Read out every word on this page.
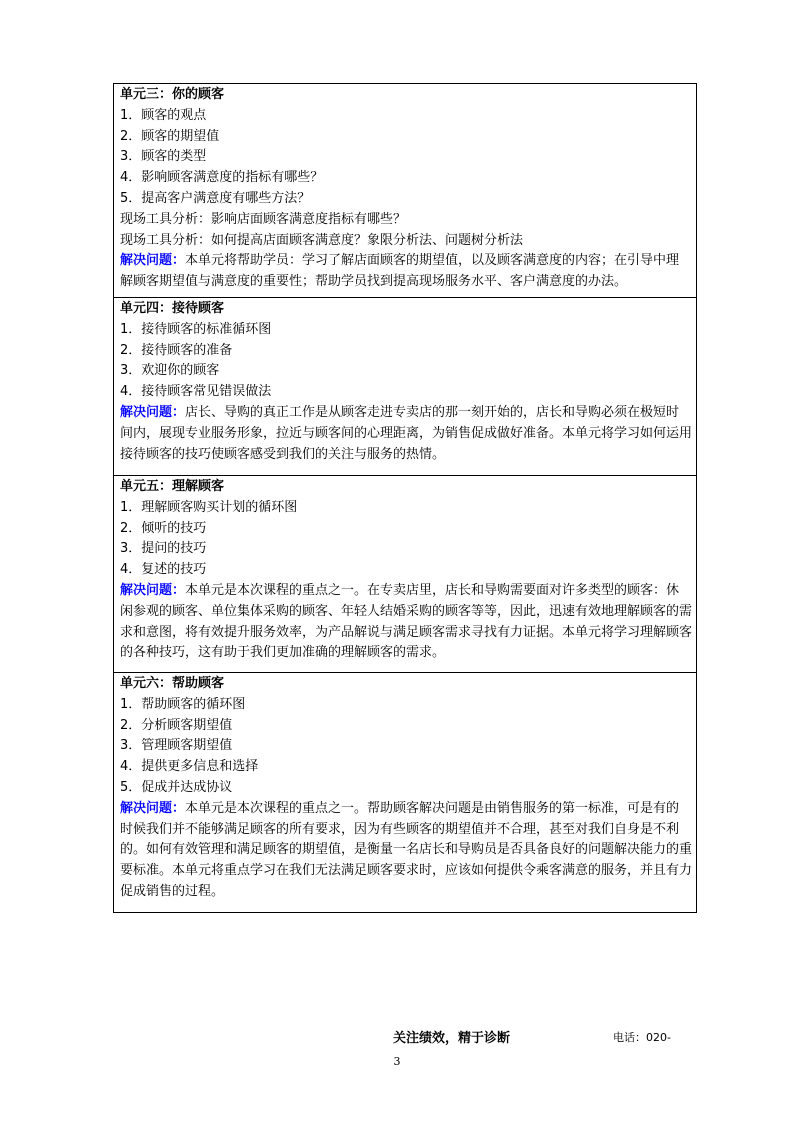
单元三：你的顾客
1．顾客的观点
2．顾客的期望值
3．顾客的类型
4．影响顾客满意度的指标有哪些？
5．提高客户满意度有哪些方法？
现场工具分析：影响店面顾客满意度指标有哪些？
现场工具分析：如何提高店面顾客满意度？象限分析法、问题树分析法
解决问题：本单元将帮助学员：学习了解店面顾客的期望值，以及顾客满意度的内容；在引导中理解顾客期望值与满意度的重要性；帮助学员找到提高现场服务水平、客户满意度的办法。

单元四：接待顾客
1．接待顾客的标准循环图
2．接待顾客的准备
3．欢迎你的顾客
4．接待顾客常见错误做法
解决问题：店长、导购的真正工作是从顾客走进专卖店的那一刻开始的，店长和导购必须在极短时间内，展现专业服务形象，拉近与顾客间的心理距离，为销售促成做好准备。本单元将学习如何运用接待顾客的技巧使顾客感受到我们的关注与服务的热情。

单元五：理解顾客
1．理解顾客购买计划的循环图
2．倾听的技巧
3．提问的技巧
4．复述的技巧
解决问题：本单元是本次课程的重点之一。在专卖店里，店长和导购需要面对许多类型的顾客：休闲参观的顾客、单位集体采购的顾客、年轻人结婚采购的顾客等等，因此，迅速有效地理解顾客的需求和意图，将有效提升服务效率，为产品解说与满足顾客需求寻找有力证据。本单元将学习理解顾客的各种技巧，这有助于我们更加准确的理解顾客的需求。

单元六：帮助顾客
1．帮助顾客的循环图
2．分析顾客期望值
3．管理顾客期望值
4．提供更多信息和选择
5．促成并达成协议
解决问题：本单元是本次课程的重点之一。帮助顾客解决问题是由销售服务的第一标准，可是有的时候我们并不能够满足顾客的所有要求，因为有些顾客的期望值并不合理，甚至对我们自身是不利的。如何有效管理和满足顾客的期望值，是衡量一名店长和导购员是否具备良好的问题解决能力的重要标准。本单元将重点学习在我们无法满足顾客要求时，应该如何提供令乘客满意的服务，并且有力促成销售的过程。
关注绩效，精于诊断	电话：020-
3
